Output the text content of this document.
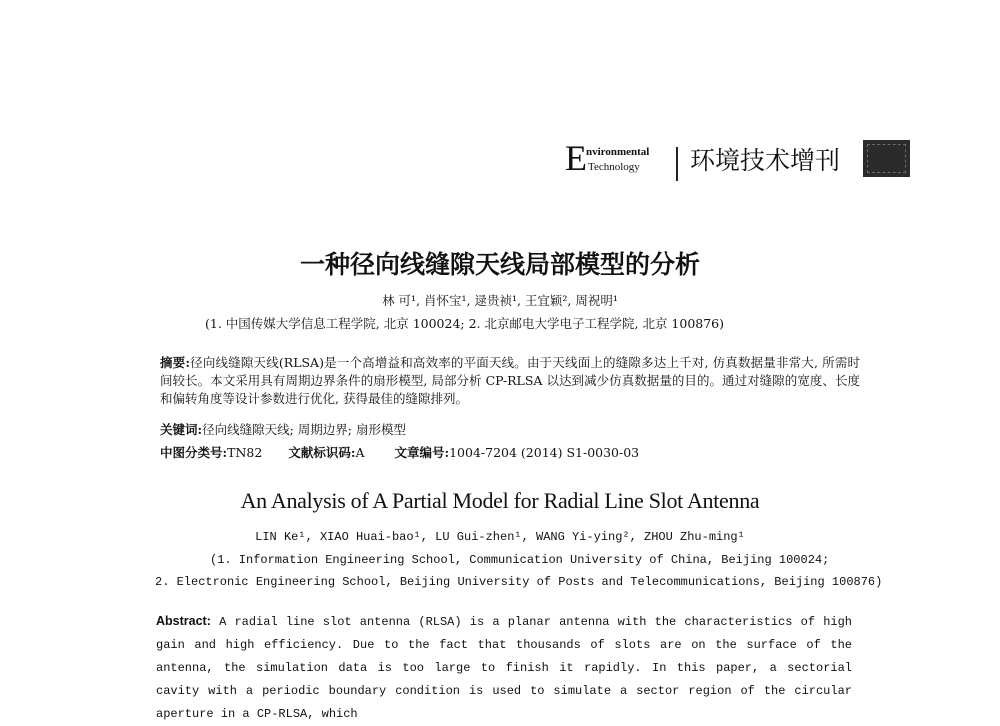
E nvironmental
Technology 环境技术增刊
一种径向线缝隙天线局部模型的分析
林 可¹, 肖怀宝¹, 逯贵祯¹, 王宜颖², 周祝明¹
(1. 中国传媒大学信息工程学院, 北京 100024; 2. 北京邮电大学电子工程学院, 北京 100876)
摘要:径向线缝隙天线(RLSA)是一个高增益和高效率的平面天线。由于天线面上的缝隙多达上千对, 仿真数据量非常大, 所需时间较长。本文采用具有周期边界条件的扇形模型, 局部分析 CP-RLSA 以达到减少仿真数据量的目的。通过对缝隙的宽度、长度和偏转角度等设计参数进行优化, 获得最佳的缝隙排列。
关键词:径向线缝隙天线; 周期边界; 扇形模型
中图分类号:TN82 文献标识码:A 文章编号:1004-7204 (2014) S1-0030-03
An Analysis of A Partial Model for Radial Line Slot Antenna
LIN Ke¹, XIAO Huai-bao¹, LU Gui-zhen¹, WANG Yi-ying², ZHOU Zhu-ming¹
(1. Information Engineering School, Communication University of China, Beijing 100024;
2. Electronic Engineering School, Beijing University of Posts and Telecommunications, Beijing 100876)
Abstract: A radial line slot antenna (RLSA) is a planar antenna with the characteristics of high gain and high efficiency. Due to the fact that thousands of slots are on the surface of the antenna, the simulation data is too large to finish it rapidly. In this paper, a sectorial cavity with a periodic boundary condition is used to simulate a sector region of the circular aperture in a CP-RLSA, which
